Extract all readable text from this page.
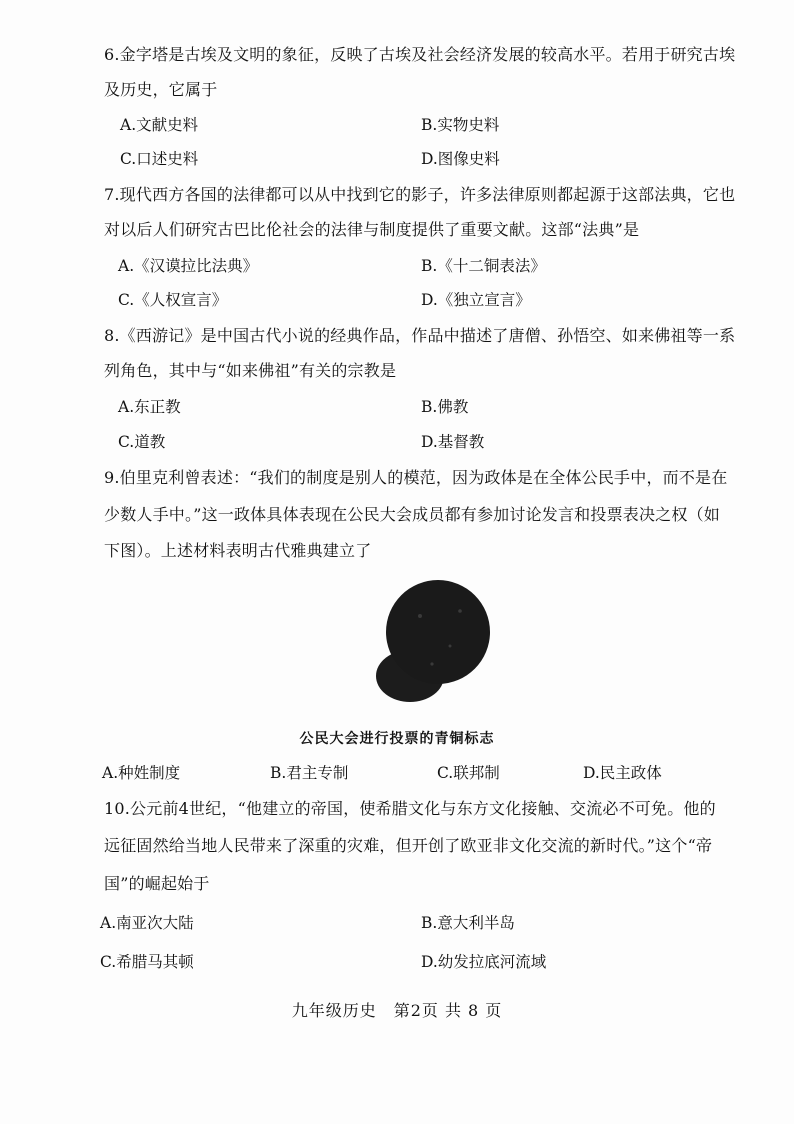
6.金字塔是古埃及文明的象征，反映了古埃及社会经济发展的较高水平。若用于研究古埃
及历史，它属于
A.文献史料	B.实物史料
C.口述史料	D.图像史料
7.现代西方各国的法律都可以从中找到它的影子，许多法律原则都起源于这部法典，它也
对以后人们研究古巴比伦社会的法律与制度提供了重要文献。这部“法典”是
A.《汉谟拉比法典》	B.《十二铜表法》
C.《人权宣言》	D.《独立宣言》
8.《西游记》是中国古代小说的经典作品，作品中描述了唐僧、孙悟空、如来佛祖等一系
列角色，其中与“如来佛祖”有关的宗教是
A.东正教	B.佛教
C.道教	D.基督教
9.伯里克利曾表述：“我们的制度是别人的模范，因为政体是在全体公民手中，而不是在
少数人手中。”这一政体具体表现在公民大会成员都有参加讨论发言和投票表决之权（如
下图）。上述材料表明古代雅典建立了
公民大会进行投票的青铜标志
A.种姓制度	B.君主专制	C.联邦制	D.民主政体
10.公元前4世纪，“他建立的帝国，使希腊文化与东方文化接触、交流必不可免。他的
远征固然给当地人民带来了深重的灾难，但开创了欧亚非文化交流的新时代。”这个“帝
国”的崛起始于
A.南亚次大陆	B.意大利半岛
C.希腊马其顿	D.幼发拉底河流域
九年级历史　第2页 共 8 页
